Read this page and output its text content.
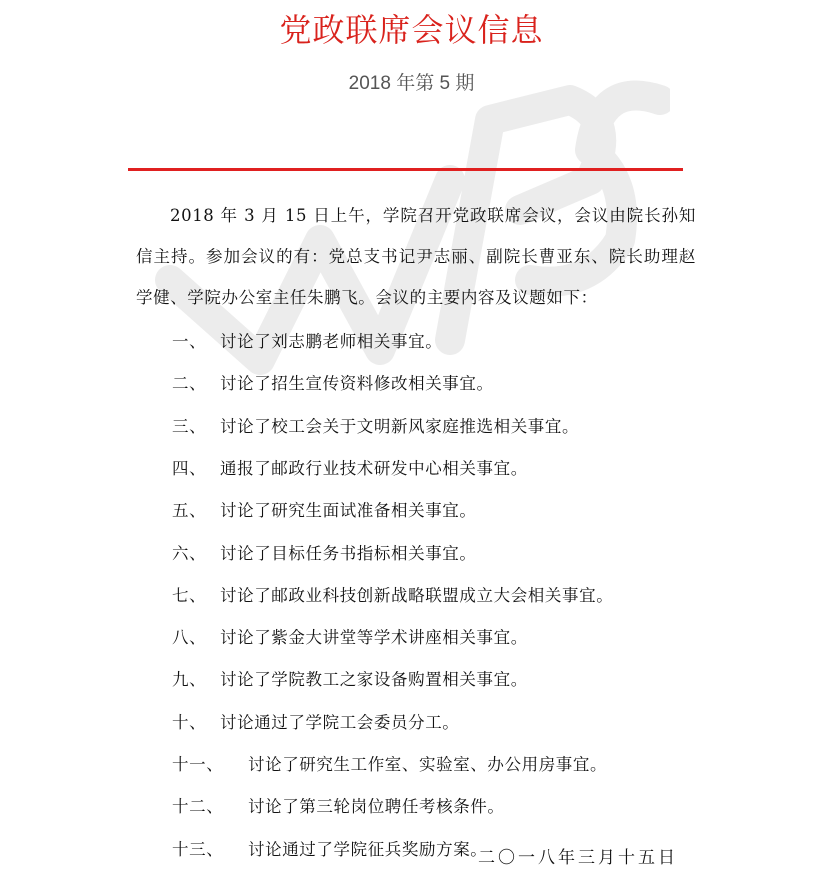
党政联席会议信息
2018 年第 5 期
2018 年 3 月 15 日上午，学院召开党政联席会议，会议由院长孙知信主持。参加会议的有：党总支书记尹志丽、副院长曹亚东、院长助理赵学健、学院办公室主任朱鹏飞。会议的主要内容及议题如下：
一、 讨论了刘志鹏老师相关事宜。
二、 讨论了招生宣传资料修改相关事宜。
三、 讨论了校工会关于文明新风家庭推选相关事宜。
四、 通报了邮政行业技术研发中心相关事宜。
五、 讨论了研究生面试准备相关事宜。
六、 讨论了目标任务书指标相关事宜。
七、 讨论了邮政业科技创新战略联盟成立大会相关事宜。
八、 讨论了紫金大讲堂等学术讲座相关事宜。
九、 讨论了学院教工之家设备购置相关事宜。
十、 讨论通过了学院工会委员分工。
十一、 讨论了研究生工作室、实验室、办公用房事宜。
十二、 讨论了第三轮岗位聘任考核条件。
十三、 讨论通过了学院征兵奖励方案。
二〇一八年三月十五日
